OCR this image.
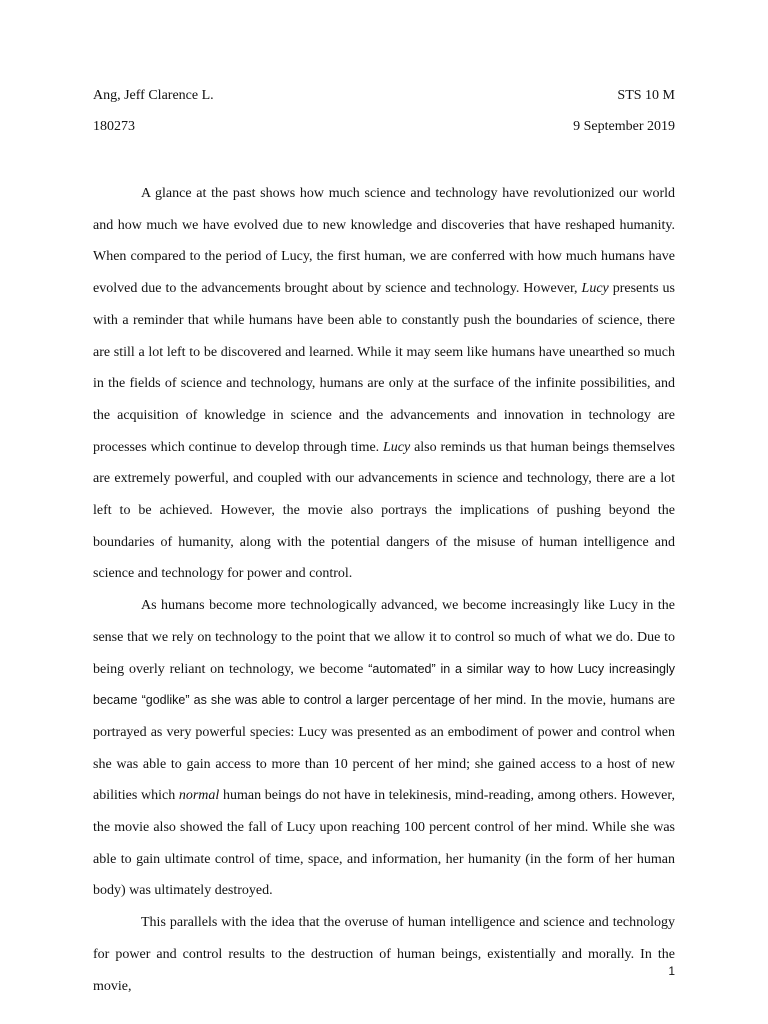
Ang, Jeff Clarence L.	STS 10 M
180273	9 September 2019

A glance at the past shows how much science and technology have revolutionized our world and how much we have evolved due to new knowledge and discoveries that have reshaped humanity. When compared to the period of Lucy, the first human, we are conferred with how much humans have evolved due to the advancements brought about by science and technology. However, Lucy presents us with a reminder that while humans have been able to constantly push the boundaries of science, there are still a lot left to be discovered and learned. While it may seem like humans have unearthed so much in the fields of science and technology, humans are only at the surface of the infinite possibilities, and the acquisition of knowledge in science and the advancements and innovation in technology are processes which continue to develop through time. Lucy also reminds us that human beings themselves are extremely powerful, and coupled with our advancements in science and technology, there are a lot left to be achieved. However, the movie also portrays the implications of pushing beyond the boundaries of humanity, along with the potential dangers of the misuse of human intelligence and science and technology for power and control.

As humans become more technologically advanced, we become increasingly like Lucy in the sense that we rely on technology to the point that we allow it to control so much of what we do. Due to being overly reliant on technology, we become “automated” in a similar way to how Lucy increasingly became “godlike” as she was able to control a larger percentage of her mind. In the movie, humans are portrayed as very powerful species: Lucy was presented as an embodiment of power and control when she was able to gain access to more than 10 percent of her mind; she gained access to a host of new abilities which normal human beings do not have in telekinesis, mind-reading, among others. However, the movie also showed the fall of Lucy upon reaching 100 percent control of her mind. While she was able to gain ultimate control of time, space, and information, her humanity (in the form of her human body) was ultimately destroyed.

This parallels with the idea that the overuse of human intelligence and science and technology for power and control results to the destruction of human beings, existentially and morally. In the movie,

1
